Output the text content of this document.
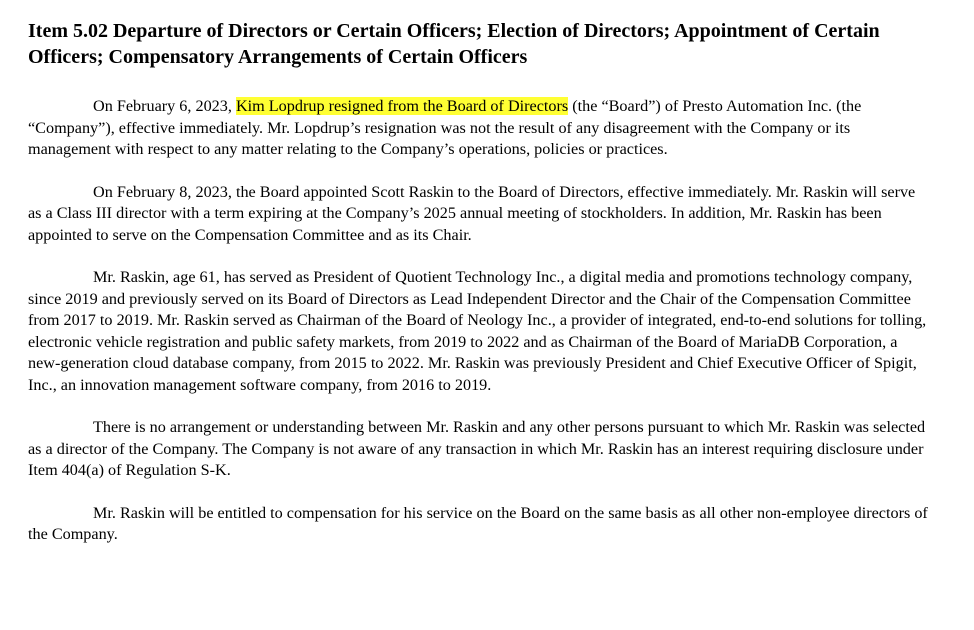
Item 5.02 Departure of Directors or Certain Officers; Election of Directors; Appointment of Certain Officers; Compensatory Arrangements of Certain Officers

On February 6, 2023, Kim Lopdrup resigned from the Board of Directors (the “Board”) of Presto Automation Inc. (the “Company”), effective immediately. Mr. Lopdrup’s resignation was not the result of any disagreement with the Company or its management with respect to any matter relating to the Company’s operations, policies or practices.

On February 8, 2023, the Board appointed Scott Raskin to the Board of Directors, effective immediately. Mr. Raskin will serve as a Class III director with a term expiring at the Company’s 2025 annual meeting of stockholders. In addition, Mr. Raskin has been appointed to serve on the Compensation Committee and as its Chair.

Mr. Raskin, age 61, has served as President of Quotient Technology Inc., a digital media and promotions technology company, since 2019 and previously served on its Board of Directors as Lead Independent Director and the Chair of the Compensation Committee from 2017 to 2019. Mr. Raskin served as Chairman of the Board of Neology Inc., a provider of integrated, end-to-end solutions for tolling, electronic vehicle registration and public safety markets, from 2019 to 2022 and as Chairman of the Board of MariaDB Corporation, a new-generation cloud database company, from 2015 to 2022. Mr. Raskin was previously President and Chief Executive Officer of Spigit, Inc., an innovation management software company, from 2016 to 2019.

There is no arrangement or understanding between Mr. Raskin and any other persons pursuant to which Mr. Raskin was selected as a director of the Company. The Company is not aware of any transaction in which Mr. Raskin has an interest requiring disclosure under Item 404(a) of Regulation S-K.

Mr. Raskin will be entitled to compensation for his service on the Board on the same basis as all other non-employee directors of the Company.
